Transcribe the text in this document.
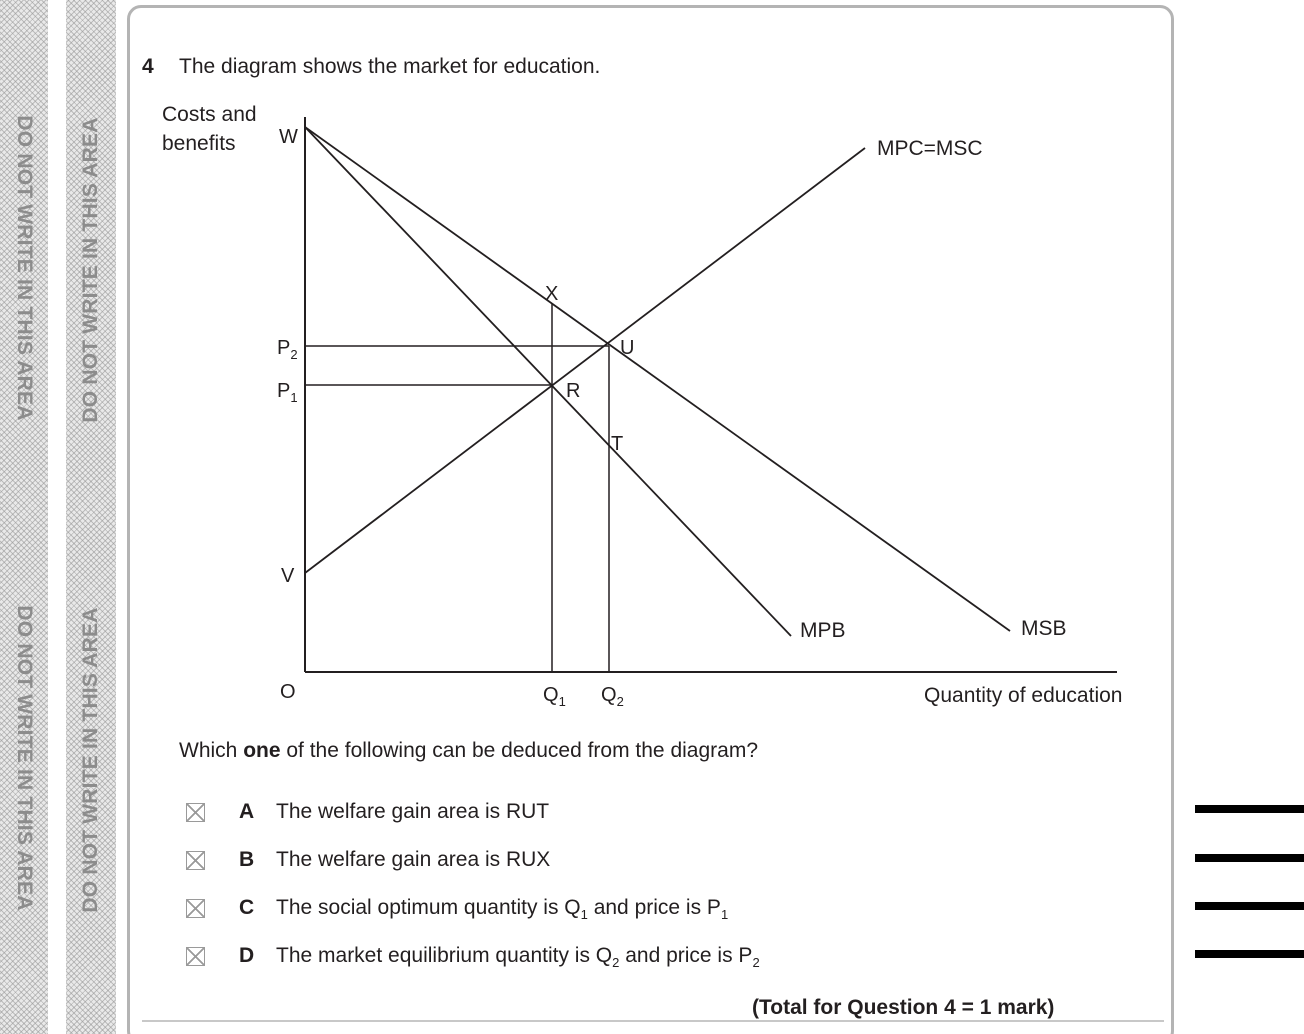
DO NOT WRITE IN THIS AREA
DO NOT WRITE IN THIS AREA
DO NOT WRITE IN THIS AREA
DO NOT WRITE IN THIS AREA
4 The diagram shows the market for education.
Costs and
benefits
Quantity of education
O
W
X
U
R
T
V
$P_2$
$P_1$
$Q_1$ $Q_2$
MPC=MSC
MPB	MSB
Which one of the following can be deduced from the diagram?
A The welfare gain area is RUT
B The welfare gain area is RUX
C The social optimum quantity is $Q_1$ and price is $P_1$
D The market equilibrium quantity is $Q_2$ and price is $P_2$
(Total for Question 4 = 1 mark)
